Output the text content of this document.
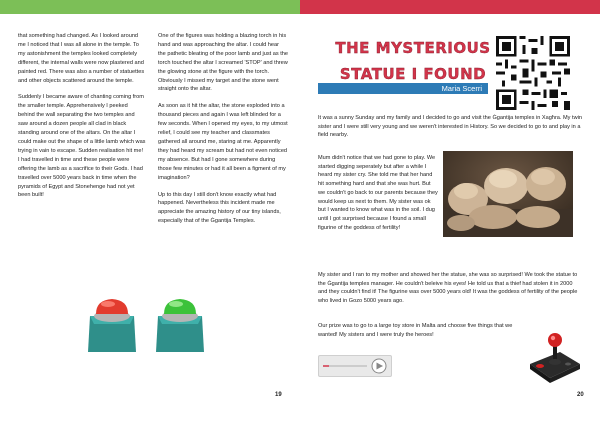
that something had changed. As I looked around me I noticed that I was all alone in the temple. To my astonishment the temples looked completely different, the internal walls were now plastered and painted red. There was also a number of statuettes and other objects scattered around the temple.

Suddenly I became aware of chanting coming from the smaller temple. Apprehensively I peeked behind the wall separating the two temples and saw around a dozen people all clad in black standing around one of the altars. On the altar I could make out the shape of a little lamb which was trying in vain to escape. Sudden realisation hit me! I had travelled in time and these people were offering the lamb as a sacrifice to their Gods. I had travelled over 5000 years back in time when the pyramids of Egypt and Stonehenge had not yet been built!

One of the figures was holding a blazing torch in his hand and was approaching the altar. I could hear the pathetic bleating of the poor lamb and just as the torch touched the altar I screamed 'STOP' and threw the glowing stone at the figure with the torch. Obviously I missed my target and the stone went straight onto the altar.

As soon as it hit the altar, the stone exploded into a thousand pieces and again I was left blinded for a few seconds. When I opened my eyes, to my utmost relief, I could see my teacher and classmates gathered all around me, staring at me. Apparently they had heard my scream but had not even noticed my absence. But had I gone somewhere during those few minutes or had it all been a figment of my imagination?

Up to this day I still don't know exactly what had happened. Nevertheless this incident made me appreciate the amazing history of our tiny islands, especially that of the Ġgantija Temples.

19
THE MYSTERIOUS
STATUE I FOUND
Maria Scerri
It was a sunny Sunday and my family and I decided to go and visit the Ġgantija temples in Xagħra. My twin sister and I were still very young and we weren't interested in History. So we decided to go to and play in a field nearby.
Mum didn't notice that we had gone to play. We started digging seperately but after a while I heard my sister cry. She told me that her hand hit something hard and that she was hurt. But we couldn't go back to our parents because they would keep us next to them. My sister was ok but I wanted to know what was in the soil. I dug until I got surprised because I found a small figurine of the goddess of fertility!
My sister and I ran to my mother and showed her the statue, she was so surprised! We took the statue to the Ġgantija temples manager. He couldn't beleive his eyes! He told us that a thief had stolen it in 2000 and they couldn't find it! The figurine was over 5000 years old! It was the goddess of fertility of the people who lived in Gozo 5000 years ago.
Our prize was to go to a large toy store in Malta and choose five things that we wanted! My sisters and I were truly the heroes!
20
